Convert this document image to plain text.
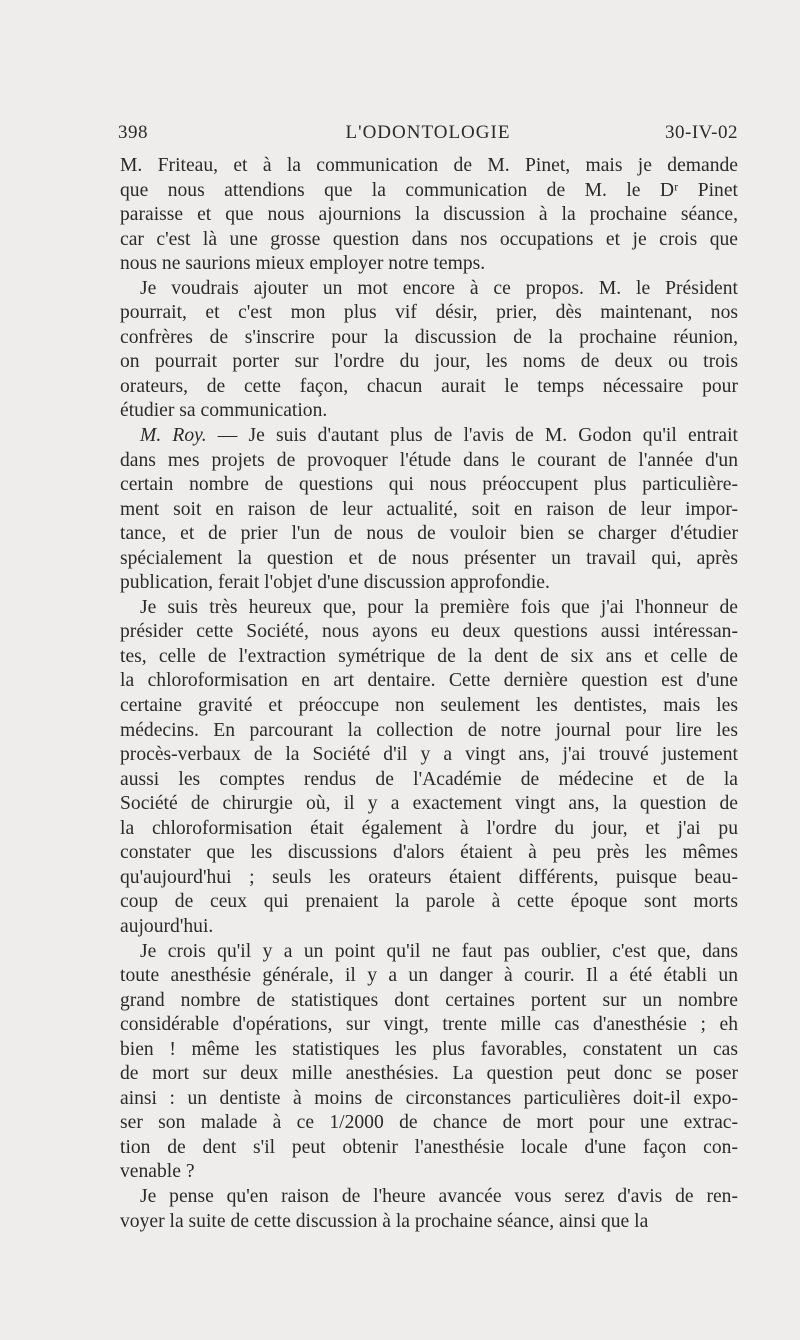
398	L'ODONTOLOGIE	30-IV-02
M. Friteau, et à la communication de M. Pinet, mais je demande
que nous attendions que la communication de M. le Dʳ Pinet
paraisse et que nous ajournions la discussion à la prochaine séance,
car c'est là une grosse question dans nos occupations et je crois que
nous ne saurions mieux employer notre temps.
Je voudrais ajouter un mot encore à ce propos. M. le Président
pourrait, et c'est mon plus vif désir, prier, dès maintenant, nos
confrères de s'inscrire pour la discussion de la prochaine réunion,
on pourrait porter sur l'ordre du jour, les noms de deux ou trois
orateurs, de cette façon, chacun aurait le temps nécessaire pour
étudier sa communication.
M. Roy. — Je suis d'autant plus de l'avis de M. Godon qu'il entrait
dans mes projets de provoquer l'étude dans le courant de l'année d'un
certain nombre de questions qui nous préoccupent plus particulière-
ment soit en raison de leur actualité, soit en raison de leur impor-
tance, et de prier l'un de nous de vouloir bien se charger d'étudier
spécialement la question et de nous présenter un travail qui, après
publication, ferait l'objet d'une discussion approfondie.
Je suis très heureux que, pour la première fois que j'ai l'honneur de
présider cette Société, nous ayons eu deux questions aussi intéressan-
tes, celle de l'extraction symétrique de la dent de six ans et celle de
la chloroformisation en art dentaire. Cette dernière question est d'une
certaine gravité et préoccupe non seulement les dentistes, mais les
médecins. En parcourant la collection de notre journal pour lire les
procès-verbaux de la Société d'il y a vingt ans, j'ai trouvé justement
aussi les comptes rendus de l'Académie de médecine et de la
Société de chirurgie où, il y a exactement vingt ans, la question de
la chloroformisation était également à l'ordre du jour, et j'ai pu
constater que les discussions d'alors étaient à peu près les mêmes
qu'aujourd'hui ; seuls les orateurs étaient différents, puisque beau-
coup de ceux qui prenaient la parole à cette époque sont morts
aujourd'hui.
Je crois qu'il y a un point qu'il ne faut pas oublier, c'est que, dans
toute anesthésie générale, il y a un danger à courir. Il a été établi un
grand nombre de statistiques dont certaines portent sur un nombre
considérable d'opérations, sur vingt, trente mille cas d'anesthésie ; eh
bien ! même les statistiques les plus favorables, constatent un cas
de mort sur deux mille anesthésies. La question peut donc se poser
ainsi : un dentiste à moins de circonstances particulières doit-il expo-
ser son malade à ce 1/2000 de chance de mort pour une extrac-
tion de dent s'il peut obtenir l'anesthésie locale d'une façon con-
venable ?
Je pense qu'en raison de l'heure avancée vous serez d'avis de ren-
voyer la suite de cette discussion à la prochaine séance, ainsi que la
